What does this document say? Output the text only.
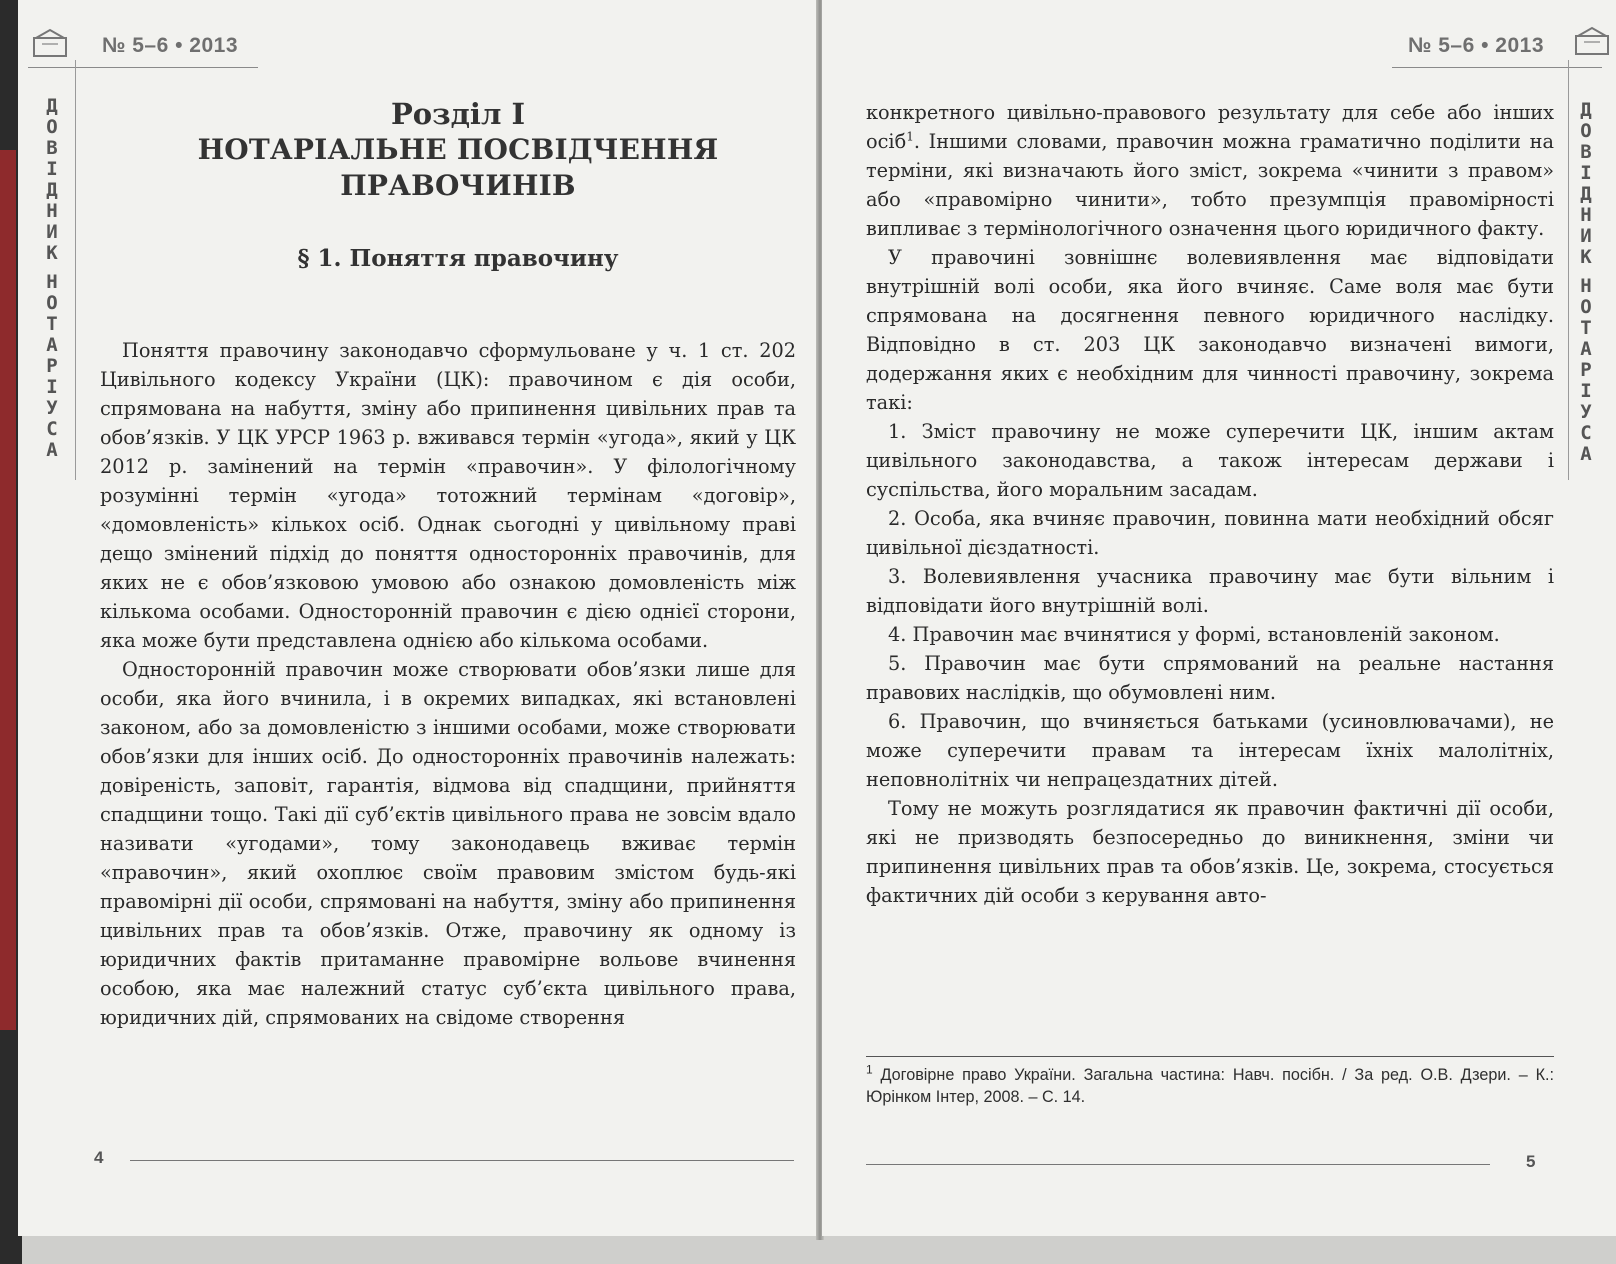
№ 5–6 • 2013
Д
О
В
І
Д
Н
И
К
Н
О
Т
А
Р
І
У
С
А
Розділ I
НОТАРІАЛЬНЕ ПОСВІДЧЕННЯ
ПРАВОЧИНІВ
§ 1. Поняття правочину

Поняття правочину законодавчо сформульоване у ч. 1 ст. 202 Цивільного кодексу України (ЦК): правочином є дія особи, спрямована на набуття, зміну або припинення цивільних прав та обов’язків. У ЦК УРСР 1963 р. вживався термін «угода», який у ЦК 2012 р. замінений на термін «правочин». У філологічному розумінні термін «угода» тотожний термінам «договір», «домовленість» кількох осіб. Однак сьогодні у цивільному праві дещо змінений підхід до поняття односторонніх правочинів, для яких не є обов’язковою умовою або ознакою домовленість між кількома особами. Односторонній правочин є дією однієї сторони, яка може бути представлена однією або кількома особами.

Односторонній правочин може створювати обов’язки лише для особи, яка його вчинила, і в окремих випадках, які встановлені законом, або за домовленістю з іншими особами, може створювати обов’язки для інших осіб. До односторонніх правочинів належать: довіреність, заповіт, гарантія, відмова від спадщини, прийняття спадщини тощо. Такі дії суб’єктів цивільного права не зовсім вдало називати «угодами», тому законодавець вживає термін «правочин», який охоплює своїм правовим змістом будь-які правомірні дії особи, спрямовані на набуття, зміну або припинення цивільних прав та обов’язків. Отже, правочину як одному із юридичних фактів притаманне правомірне вольове вчинення особою, яка має належний статус суб’єкта цивільного права, юридичних дій, спрямованих на свідоме створення

4
№ 5–6 • 2013
Д
О
В
І
Д
Н
И
К
Н
О
Т
А
Р
І
У
С
А

конкретного цивільно-правового результату для себе або інших осіб$^1$. Іншими словами, правочин можна граматично поділити на терміни, які визначають його зміст, зокрема «чинити з правом» або «правомірно чинити», тобто презумпція правомірності випливає з термінологічного означення цього юридичного факту.

У правочині зовнішнє волевиявлення має відповідати внутрішній волі особи, яка його вчиняє. Саме воля має бути спрямована на досягнення певного юридичного наслідку. Відповідно в ст. 203 ЦК законодавчо визначені вимоги, додержання яких є необхідним для чинності правочину, зокрема такі:

1. Зміст правочину не може суперечити ЦК, іншим актам цивільного законодавства, а також інтересам держави і суспільства, його моральним засадам.

2. Особа, яка вчиняє правочин, повинна мати необхідний обсяг цивільної дієздатності.

3. Волевиявлення учасника правочину має бути вільним і відповідати його внутрішній волі.

4. Правочин має вчинятися у формі, встановленій законом.

5. Правочин має бути спрямований на реальне настання правових наслідків, що обумовлені ним.

6. Правочин, що вчиняється батьками (усиновлювачами), не може суперечити правам та інтересам їхніх малолітніх, неповнолітніх чи непрацездатних дітей.

Тому не можуть розглядатися як правочин фактичні дії особи, які не призводять безпосередньо до виникнення, зміни чи припинення цивільних прав та обов’язків. Це, зокрема, стосується фактичних дій особи з керування авто-

$^1$ Договірне право України. Загальна частина: Навч. посібн. / За ред. О.В. Дзери. – К.: Юрінком Інтер, 2008. – С. 14.
5
